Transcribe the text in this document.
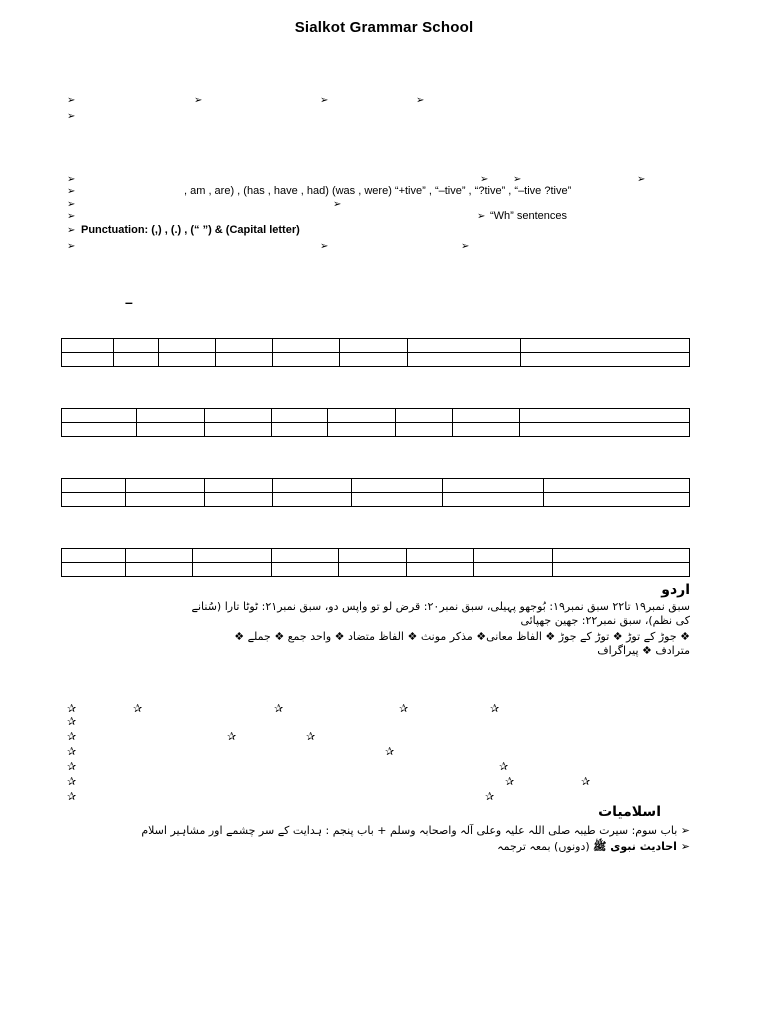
Sialkot Grammar School
➢	➢	➢	➢
➢
➢	➢ ➢	➢
➢	, am , are) , (has , have , had) (was , were) “+tive” , “–tive” , “?tive” , “–tive ?tive”
➢	➢
➢	➢ “Wh” sentences
➢ Punctuation: (,) , (.) , (“ ”) & (Capital letter)
➢	➢	➢
–

اردو
سبق نمبر۱۹ تا۲۲ سبق نمبر۱۹: بُوجھو پہیلی، سبق نمبر۲۰: قرض لو تو واپس دو، سبق نمبر۲۱: ٹوٹا تارا (سُنانے
کی نظم)، سبق نمبر۲۲: جھین جھپائی
❖ جوڑ کے توڑ ❖ توڑ کے جوڑ ❖ الفاظ معانی❖ مذکر مونث ❖ الفاظ متضاد ❖ واحد جمع ❖ جملے ❖
مترادف ❖ پیراگراف
✰	✰	✰	✰	✰
✰
✰	✰	✰
✰	✰
✰	✰
✰	✰	✰
✰	✰
اسلامیات
➢ باب سوم: سیرت طیبہ صلی اللہ علیہ وعلی آلہ واصحابہ وسلم + باب پنجم : ہدایت کے سر چشمے اور مشاہیر اسلام
➢ احادیث نبوی ﷺ (دونوں) بمعہ ترجمہ
